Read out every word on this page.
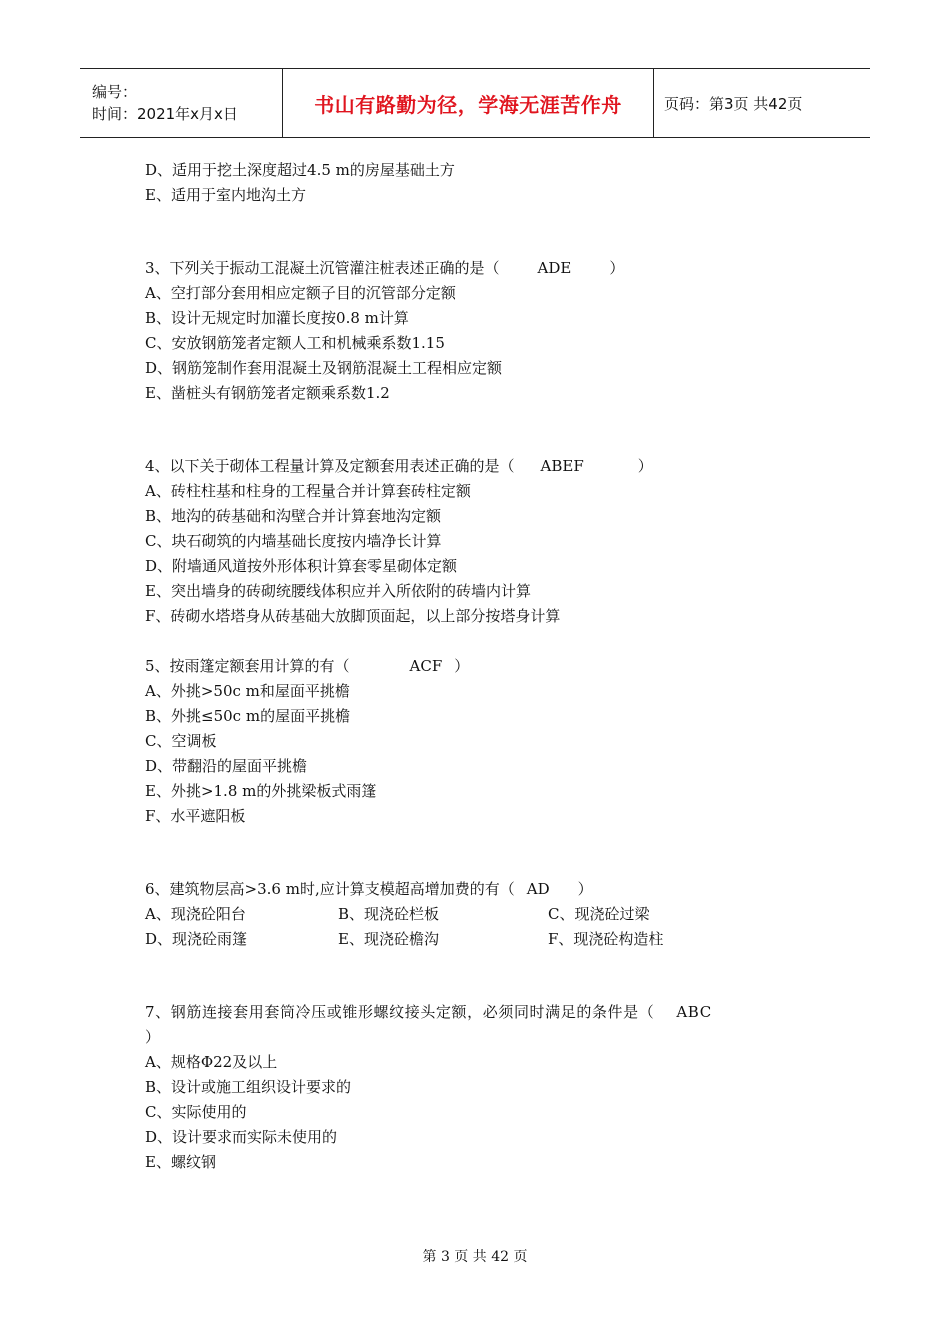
编号：
时间：2021年x月x日	书山有路勤为径，学海无涯苦作舟	页码：第3页 共42页
D、适用于挖土深度超过4.5 m的房屋基础土方
E、适用于室内地沟土方
3、下列关于振动工混凝土沉管灌注桩表述正确的是（	ADE	）
A、空打部分套用相应定额子目的沉管部分定额
B、设计无规定时加灌长度按0.8 m计算
C、安放钢筋笼者定额人工和机械乘系数1.15
D、钢筋笼制作套用混凝土及钢筋混凝土工程相应定额
E、凿桩头有钢筋笼者定额乘系数1.2
4、以下关于砌体工程量计算及定额套用表述正确的是（ ABEF	）
A、砖柱柱基和柱身的工程量合并计算套砖柱定额
B、地沟的砖基础和沟壁合并计算套地沟定额
C、块石砌筑的内墙基础长度按内墙净长计算
D、附墙通风道按外形体积计算套零星砌体定额
E、突出墙身的砖砌统腰线体积应并入所依附的砖墙内计算
F、砖砌水塔塔身从砖基础大放脚顶面起，以上部分按塔身计算
5、按雨篷定额套用计算的有（	ACF ）
A、外挑>50c m和屋面平挑檐
B、外挑≤50c m的屋面平挑檐
C、空调板
D、带翻沿的屋面平挑檐
E、外挑>1.8 m的外挑梁板式雨篷
F、水平遮阳板
6、建筑物层高>3.6 m时,应计算支模超高增加费的有（ AD ）
A、现浇砼阳台	B、现浇砼栏板	C、现浇砼过梁
D、现浇砼雨篷	E、现浇砼檐沟	F、现浇砼构造柱
7、钢筋连接套用套筒冷压或锥形螺纹接头定额，必须同时满足的条件是（ ABC
）
A、规格Φ22及以上
B、设计或施工组织设计要求的
C、实际使用的
D、设计要求而实际未使用的
E、螺纹钢
第 3 页 共 42 页
